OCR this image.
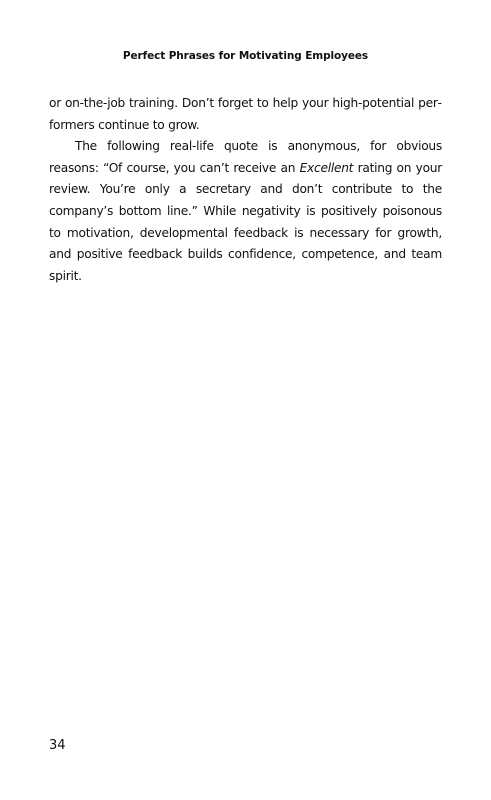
Perfect Phrases for Motivating Employees

or on-the-job training. Don’t forget to help your high-potential performers continue to grow.

The following real-life quote is anonymous, for obvious reasons: “Of course, you can’t receive an Excellent rating on your review. You’re only a secretary and don’t contribute to the company’s bottom line.” While negativity is positively poisonous to motivation, developmental feedback is necessary for growth, and positive feedback builds confidence, competence, and team spirit.

34
